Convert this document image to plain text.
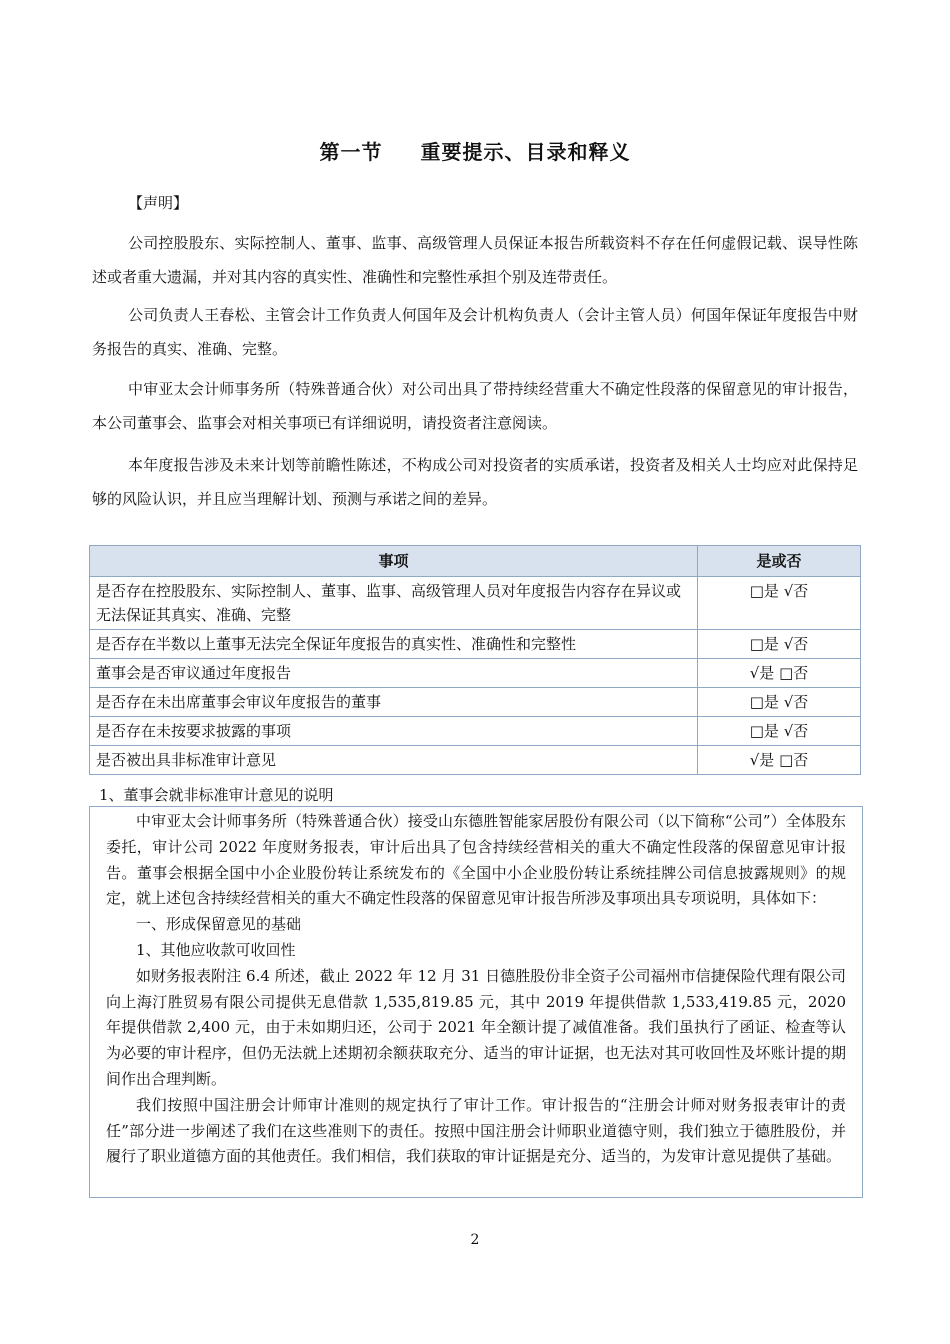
第一节 重要提示、目录和释义
【声明】

公司控股股东、实际控制人、董事、监事、高级管理人员保证本报告所载资料不存在任何虚假记载、误导性陈述或者重大遗漏，并对其内容的真实性、准确性和完整性承担个别及连带责任。

公司负责人王春松、主管会计工作负责人何国年及会计机构负责人（会计主管人员）何国年保证年度报告中财务报告的真实、准确、完整。

中审亚太会计师事务所（特殊普通合伙）对公司出具了带持续经营重大不确定性段落的保留意见的审计报告，本公司董事会、监事会对相关事项已有详细说明，请投资者注意阅读。

本年度报告涉及未来计划等前瞻性陈述，不构成公司对投资者的实质承诺，投资者及相关人士均应对此保持足够的风险认识，并且应当理解计划、预测与承诺之间的差异。

事项	是或否
是否存在控股股东、实际控制人、董事、监事、高级管理人员对年度报告内容存在异议或无法保证其真实、准确、完整	□是 √否
是否存在半数以上董事无法完全保证年度报告的真实性、准确性和完整性	□是 √否
董事会是否审议通过年度报告	√是 □否
是否存在未出席董事会审议年度报告的董事	□是 √否
是否存在未按要求披露的事项	□是 √否
是否被出具非标准审计意见	√是 □否
1、董事会就非标准审计意见的说明

中审亚太会计师事务所（特殊普通合伙）接受山东德胜智能家居股份有限公司（以下简称“公司”）全体股东委托，审计公司 2022 年度财务报表，审计后出具了包含持续经营相关的重大不确定性段落的保留意见审计报告。董事会根据全国中小企业股份转让系统发布的《全国中小企业股份转让系统挂牌公司信息披露规则》的规定，就上述包含持续经营相关的重大不确定性段落的保留意见审计报告所涉及事项出具专项说明，具体如下：

一、形成保留意见的基础

1、其他应收款可收回性

如财务报表附注 6.4 所述，截止 2022 年 12 月 31 日德胜股份非全资子公司福州市信捷保险代理有限公司向上海汀胜贸易有限公司提供无息借款 1,535,819.85 元，其中 2019 年提供借款 1,533,419.85 元，2020 年提供借款 2,400 元，由于未如期归还，公司于 2021 年全额计提了减值准备。我们虽执行了函证、检查等认为必要的审计程序，但仍无法就上述期初余额获取充分、适当的审计证据，也无法对其可收回性及坏账计提的期间作出合理判断。

我们按照中国注册会计师审计准则的规定执行了审计工作。审计报告的“注册会计师对财务报表审计的责任”部分进一步阐述了我们在这些准则下的责任。按照中国注册会计师职业道德守则，我们独立于德胜股份，并履行了职业道德方面的其他责任。我们相信，我们获取的审计证据是充分、适当的，为发审计意见提供了基础。

2
